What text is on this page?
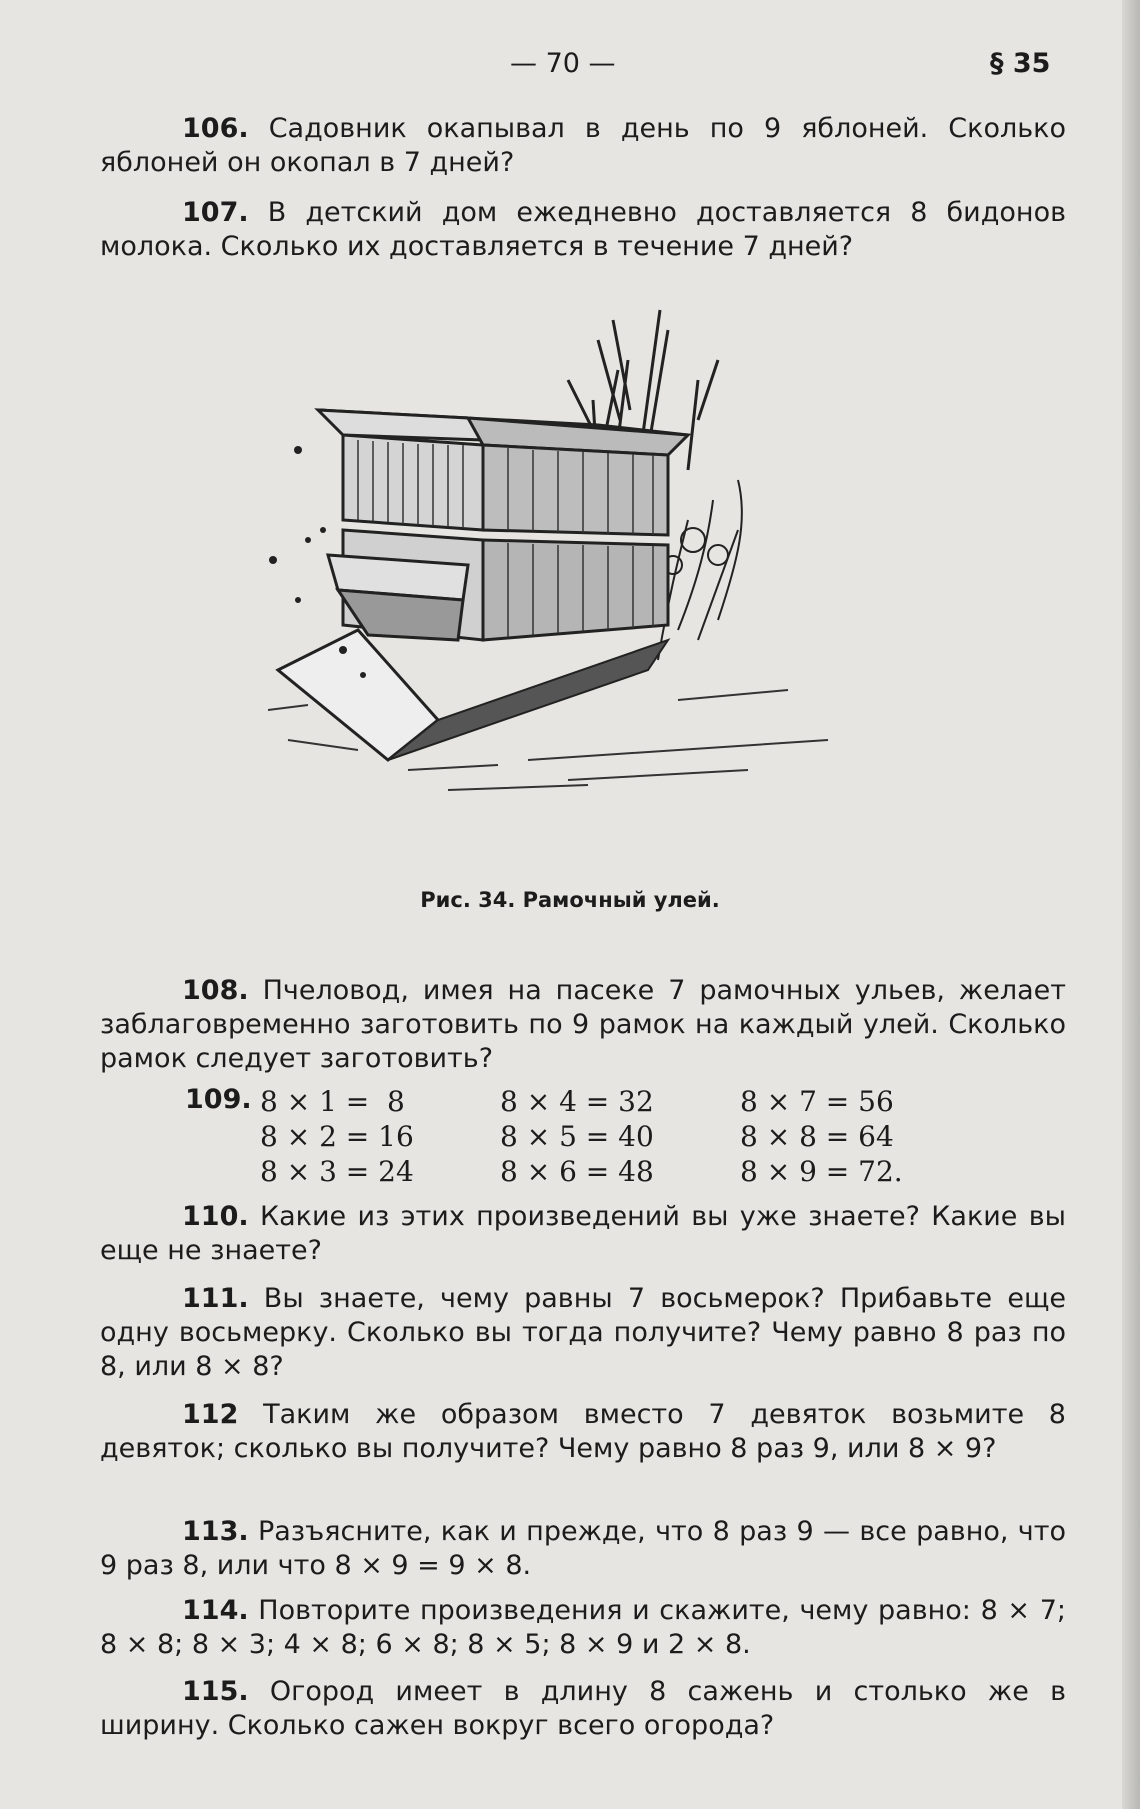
— 70 —	§ 35
106. Садовник окапывал в день по 9 яблоней. Сколько яблоней он окопал в 7 дней?
107. В детский дом ежедневно доставляется 8 бидонов молока. Сколько их доставляется в течение 7 дней?
Рис. 34. Рамочный улей.
108. Пчеловод, имея на пасеке 7 рамочных ульев, желает заблаговременно заготовить по 9 рамок на каждый улей. Сколько рамок следует заготовить?
109. 8 × 1 =  8
8 × 2 = 16
8 × 3 = 24
8 × 4 = 32
8 × 5 = 40
8 × 6 = 48
8 × 7 = 56
8 × 8 = 64
8 × 9 = 72.
110. Какие из этих произведений вы уже знаете? Какие вы еще не знаете?
111. Вы знаете, чему равны 7 восьмерок? Прибавьте еще одну восьмерку. Сколько вы тогда получите? Чему равно 8 раз по 8, или 8 × 8?
112 Таким же образом вместо 7 девяток возьмите 8 девяток; сколько вы получите? Чему равно 8 раз 9, или 8 × 9?
113. Разъясните, как и прежде, что 8 раз 9 — все равно, что 9 раз 8, или что 8 × 9 = 9 × 8.
114. Повторите произведения и скажите, чему равно: 8 × 7; 8 × 8; 8 × 3; 4 × 8; 6 × 8; 8 × 5; 8 × 9 и 2 × 8.
115. Огород имеет в длину 8 сажень и столько же в ширину. Сколько сажен вокруг всего огорода?
